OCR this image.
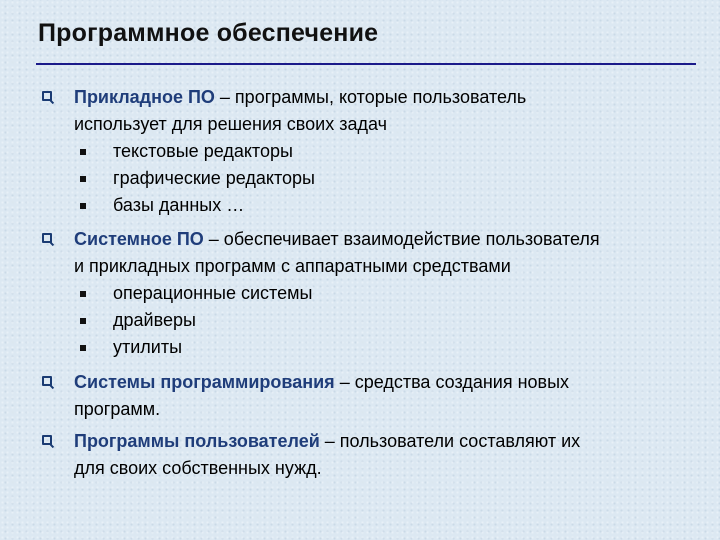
Программное обеспечение
Прикладное ПО – программы, которые пользователь
использует для решения своих задач
текстовые редакторы
графические редакторы
базы данных …
Системное ПО – обеспечивает взаимодействие пользователя
и прикладных программ с аппаратными средствами
операционные системы
драйверы
утилиты
Системы программирования – средства создания новых
программ.
Программы пользователей – пользователи составляют их
для своих собственных нужд.
